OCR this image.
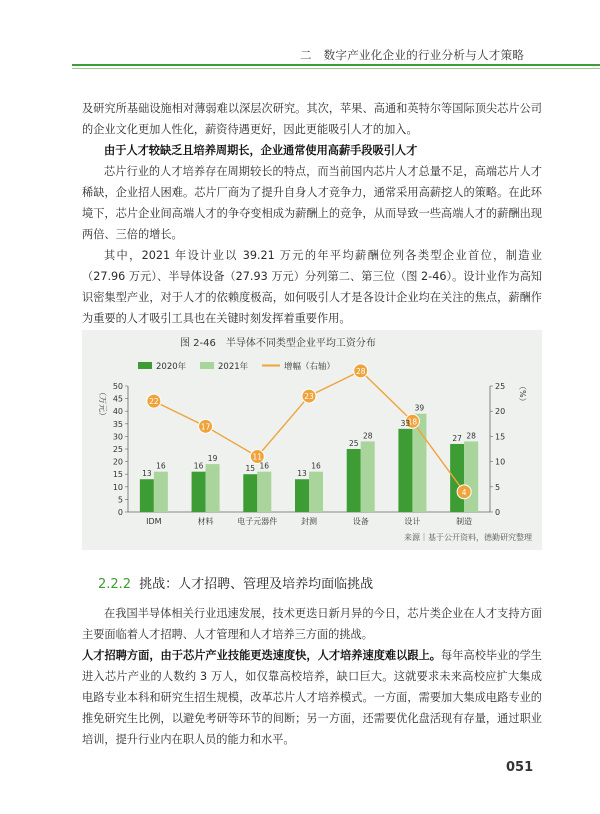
二　数字产业化企业的行业分析与人才策略

及研究所基础设施相对薄弱难以深层次研究。其次，苹果、高通和英特尔等国际顶尖芯片公司的企业文化更加人性化，薪资待遇更好，因此更能吸引人才的加入。

由于人才较缺乏且培养周期长，企业通常使用高薪手段吸引人才

芯片行业的人才培养存在周期较长的特点，而当前国内芯片人才总量不足，高端芯片人才稀缺，企业招人困难。芯片厂商为了提升自身人才竞争力，通常采用高薪挖人的策略。在此环境下，芯片企业间高端人才的争夺变相成为薪酬上的竞争，从而导致一些高端人才的薪酬出现两倍、三倍的增长。

其中，2021 年设计业以 39.21 万元的年平均薪酬位列各类型企业首位，制造业（27.96 万元）、半导体设备（27.93 万元）分列第二、第三位（图 2-46）。设计业作为高知识密集型产业，对于人才的依赖度极高，如何吸引人才是各设计企业均在关注的焦点，薪酬作为重要的人才吸引工具也在关键时刻发挥着重要作用。

图 2-46　半导体不同类型企业平均工资分布
2020年	2021年	增幅（右轴）
0
5
10
15
20
25
30
35
40
45
50
0
5
10
15
20
25
（万元）	（%）
22
17
11
23
28
18
4
13
16
IDM
16
19
材料
15 16
电子元器件
13
16
封测
25
28
设备
33
39
设计
27 28
制造
来源｜基于公开资料，德勤研究整理
2.2.2 挑战：人才招聘、管理及培养均面临挑战

在我国半导体相关行业迅速发展，技术更迭日新月异的今日，芯片类企业在人才支持方面主要面临着人才招聘、人才管理和人才培养三方面的挑战。

人才招聘方面，由于芯片产业技能更迭速度快，人才培养速度难以跟上。每年高校毕业的学生进入芯片产业的人数约 3 万人，如仅靠高校培养，缺口巨大。这就要求未来高校应扩大集成电路专业本科和研究生招生规模，改革芯片人才培养模式。一方面，需要加大集成电路专业的推免研究生比例，以避免考研等环节的间断；另一方面，还需要优化盘活现有存量，通过职业培训，提升行业内在职人员的能力和水平。

051
